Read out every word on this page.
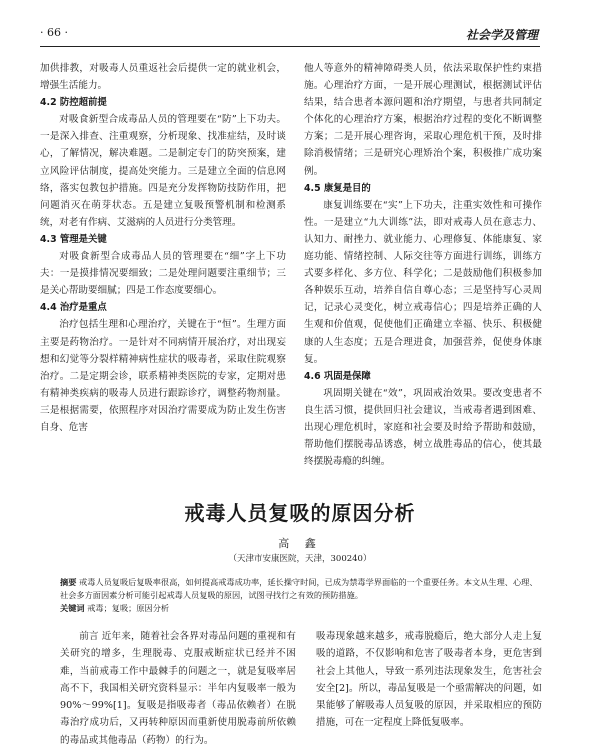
· 66 ·	社会学及管理

加供排教，对吸毒人员重返社会后提供一定的就业机会，增强生活能力。

4.2 防控超前提

对吸食新型合成毒品人员的管理要在“防”上下功夫。一是深入排查、注重观察，分析现象、找准症结，及时谈心，了解情况，解决难题。二是制定专门的防突预案，建立风险评估制度，提高处突能力。三是建立全面的信息网络，落实包教包护措施。四是充分发挥物防技防作用，把问题消灭在萌芽状态。五是建立复吸预警机制和检测系统，对老有作病、艾滋病的人员进行分类管理。

4.3 管理是关键

对吸食新型合成毒品人员的管理要在“细”字上下功夫：一是摸排情况要细致；二是处理问题要注重细节；三是关心帮助要细腻；四是工作态度要细心。

4.4 治疗是重点

治疗包括生理和心理治疗，关键在于“恒”。生理方面主要是药物治疗。一是针对不同病情开展治疗，对出现妄想和幻觉等分裂样精神病性症状的吸毒者，采取住院观察治疗。二是定期会诊，联系精神类医院的专家，定期对患有精神类疾病的吸毒人员进行跟踪诊疗，调整药物剂量。三是根据需要，依照程序对因治疗需要成为防止发生伤害自身、危害

他人等意外的精神障碍类人员，依法采取保护性约束措施。心理治疗方面，一是开展心理测试，根据测试评估结果，结合患者本源问题和治疗期望，与患者共同制定个体化的心理治疗方案，根据治疗过程的变化不断调整方案；二是开展心理咨询，采取心理危机干预，及时排除消极情绪；三是研究心理矫治个案，积极推广成功案例。

4.5 康复是目的

康复训练要在“实”上下功夫，注重实效性和可操作性。一是建立“九大训练”法，即对戒毒人员在意志力、认知力、耐挫力、就业能力、心理修复、体能康复、家庭功能、情绪控制、人际交往等方面进行训练，训练方式要多样化、多方位、科学化；二是鼓励他们积极参加各种娱乐互动，培养自信自尊心态；三是坚持写心灵周记，记录心灵变化，树立戒毒信心；四是培养正确的人生观和价值观，促使他们正确建立幸福、快乐、积极健康的人生态度；五是合理进食，加强营养，促使身体康复。

4.6 巩固是保障

巩固期关键在“效”，巩固戒治效果。要改变患者不良生活习惯，提供回归社会建议，当戒毒者遇到困难、出现心理危机时，家庭和社会要及时给予帮助和鼓励，帮助他们摆脱毒品诱惑，树立战胜毒品的信心，使其最终摆脱毒瘾的纠缠。

戒毒人员复吸的原因分析
高 鑫
（天津市安康医院，天津，300240）

摘要 戒毒人员复吸后复吸率很高，如何提高戒毒成功率，延长操守时间，已成为禁毒学界面临的一个重要任务。本文从生理、心理、社会多方面因素分析可能引起戒毒人员复吸的原因，试图寻找行之有效的预防措施。

关键词 戒毒；复吸；原因分析

前言 近年来，随着社会各界对毒品问题的重视和有关研究的增多，生理脱毒、克服戒断症状已经并不困难，当前戒毒工作中最棘手的问题之一，就是复吸率居高不下，我国相关研究资料显示：半年内复吸率一般为90%～99%[1]。复吸是指吸毒者（毒品依赖者）在脱毒治疗成功后，又再转种原因而重新使用脱毒前所依赖的毒品或其他毒品（药物）的行为。

吸毒现象越来越多，戒毒脱瘾后，绝大部分人走上复吸的道路，不仅影响和危害了吸毒者本身，更危害到社会上其他人，导致一系列违法现象发生，危害社会安全[2]。所以，毒品复吸是一个亟需解决的问题，如果能够了解吸毒人员复吸的原因，并采取相应的预防措施，可在一定程度上降低复吸率。
